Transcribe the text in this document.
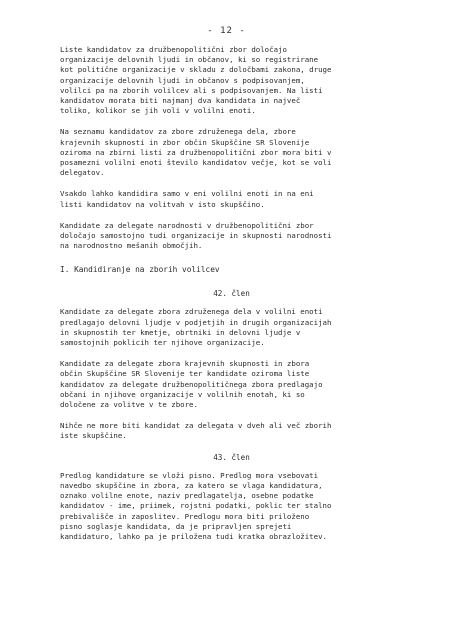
- 12 -
Liste kandidatov za družbenopolitični zbor določajo
organizacije delovnih ljudi in občanov, ki so registrirane
kot politične organizacije v skladu z določbami zakona, druge
organizacije delovnih ljudi in občanov s podpisovanjem,
volilci pa na zborih volilcev ali s podpisovanjem. Na listi
kandidatov morata biti najmanj dva kandidata in največ
toliko, kolikor se jih voli v volilni enoti.
Na seznamu kandidatov za zbore združenega dela, zbore
krajevnih skupnosti in zbor občin Skupščine SR Slovenije
oziroma na zbirni listi za družbenopolitični zbor mora biti v
posamezni volilni enoti število kandidatov večje, kot se voli
delegatov.
Vsakdo lahko kandidira samo v eni volilni enoti in na eni
listi kandidatov na volitvah v isto skupščino.
Kandidate za delegate narodnosti v družbenopolitični zbor
določajo samostojno tudi organizacije in skupnosti narodnosti
na narodnostno mešanih območjih.
I. Kandidiranje na zborih volilcev
42. člen
Kandidate za delegate zbora združenega dela v volilni enoti
predlagajo delovni ljudje v podjetjih in drugih organizacijah
in skupnostih ter kmetje, obrtniki in delovni ljudje v
samostojnih poklicih ter njihove organizacije.
Kandidate za delegate zbora krajevnih skupnosti in zbora
občin Skupščine SR Slovenije ter kandidate oziroma liste
kandidatov za delegate družbenopolitičnega zbora predlagajo
občani in njihove organizacije v volilnih enotah, ki so
določene za volitve v te zbore.
Nihče ne more biti kandidat za delegata v dveh ali več zborih
iste skupščine.
43. člen
Predlog kandidature se vloži pisno. Predlog mora vsebovati
navedbo skupščine in zbora, za katero se vlaga kandidatura,
oznako volilne enote, naziv predlagatelja, osebne podatke
kandidatov - ime, priimek, rojstni podatki, poklic ter stalno
prebivališče in zaposlitev. Predlogu mora biti priloženo
pisno soglasje kandidata, da je pripravljen sprejeti
kandidaturo, lahko pa je priložena tudi kratka obrazložitev.
